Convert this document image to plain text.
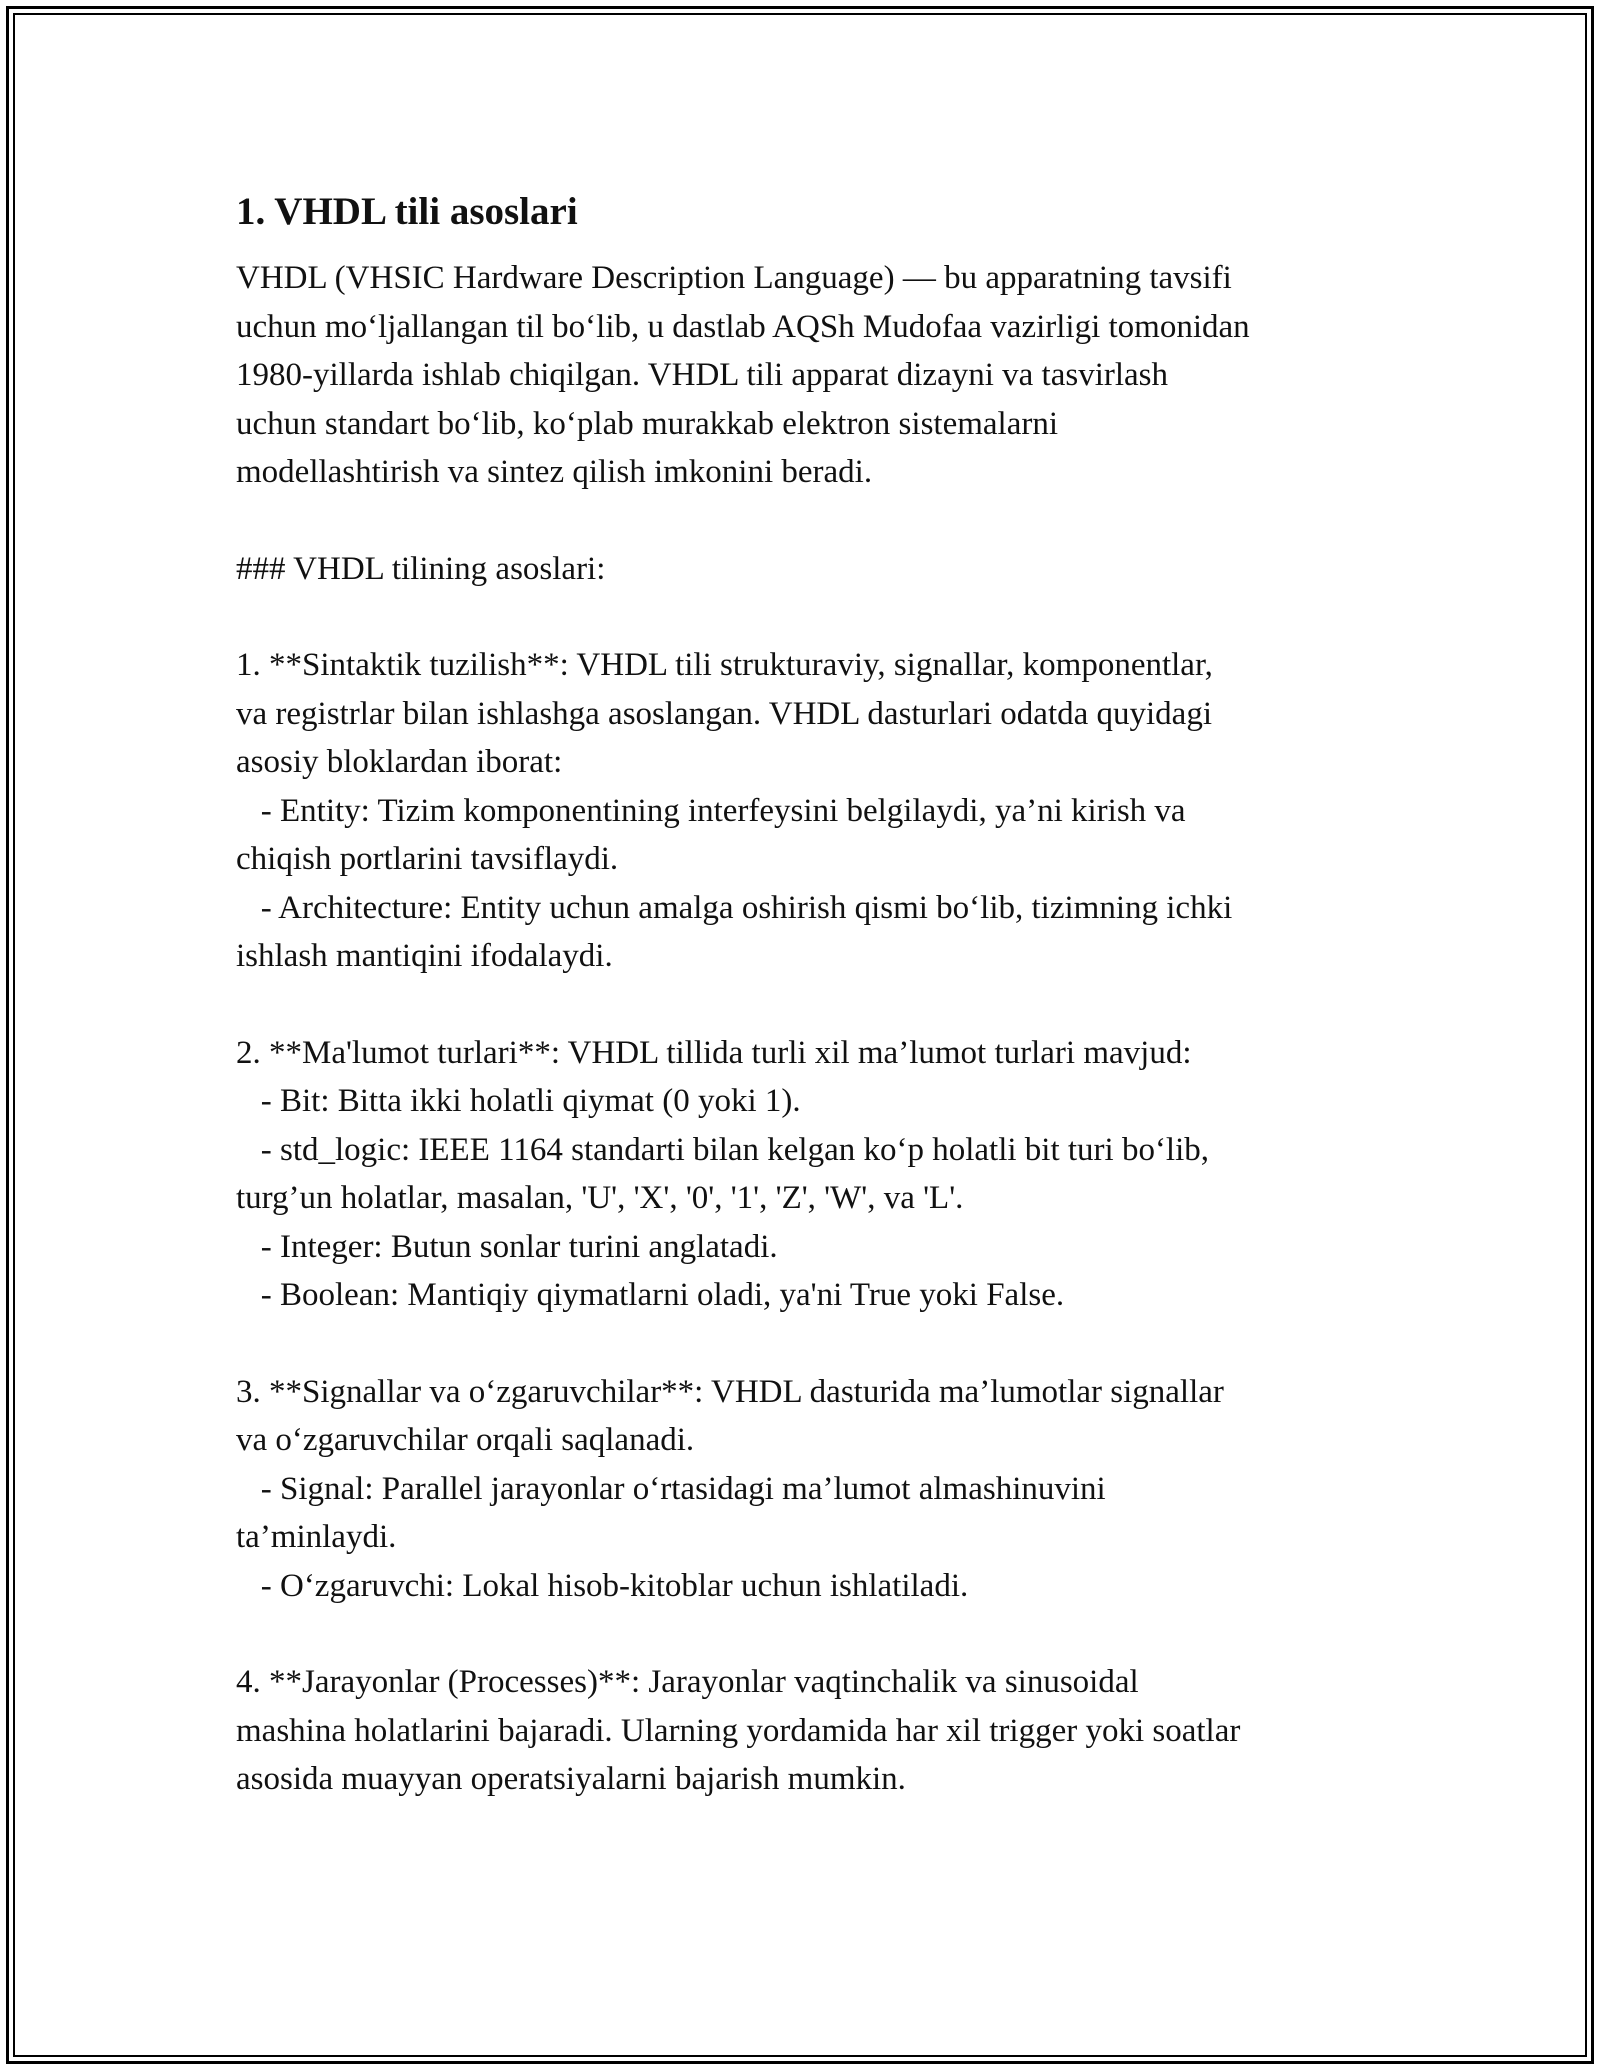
1. VHDL tili asoslari

VHDL (VHSIC Hardware Description Language) — bu apparatning tavsifi
uchun mo‘ljallangan til bo‘lib, u dastlab AQSh Mudofaa vazirligi tomonidan
1980-yillarda ishlab chiqilgan. VHDL tili apparat dizayni va tasvirlash
uchun standart bo‘lib, ko‘plab murakkab elektron sistemalarni
modellashtirish va sintez qilish imkonini beradi.

### VHDL tilining asoslari:

1. **Sintaktik tuzilish**: VHDL tili strukturaviy, signallar, komponentlar,
va registrlar bilan ishlashga asoslangan. VHDL dasturlari odatda quyidagi
asosiy bloklardan iborat:
- Entity: Tizim komponentining interfeysini belgilaydi, ya’ni kirish va
chiqish portlarini tavsiflaydi.
- Architecture: Entity uchun amalga oshirish qismi bo‘lib, tizimning ichki
ishlash mantiqini ifodalaydi.

2. **Ma'lumot turlari**: VHDL tillida turli xil ma’lumot turlari mavjud:
- Bit: Bitta ikki holatli qiymat (0 yoki 1).
- std_logic: IEEE 1164 standarti bilan kelgan ko‘p holatli bit turi bo‘lib,
turg’un holatlar, masalan, 'U', 'X', '0', '1', 'Z', 'W', va 'L'.
- Integer: Butun sonlar turini anglatadi.
- Boolean: Mantiqiy qiymatlarni oladi, ya'ni True yoki False.

3. **Signallar va o‘zgaruvchilar**: VHDL dasturida ma’lumotlar signallar
va o‘zgaruvchilar orqali saqlanadi.
- Signal: Parallel jarayonlar o‘rtasidagi ma’lumot almashinuvini
ta’minlaydi.
- O‘zgaruvchi: Lokal hisob-kitoblar uchun ishlatiladi.

4. **Jarayonlar (Processes)**: Jarayonlar vaqtinchalik va sinusoidal
mashina holatlarini bajaradi. Ularning yordamida har xil trigger yoki soatlar
asosida muayyan operatsiyalarni bajarish mumkin.
